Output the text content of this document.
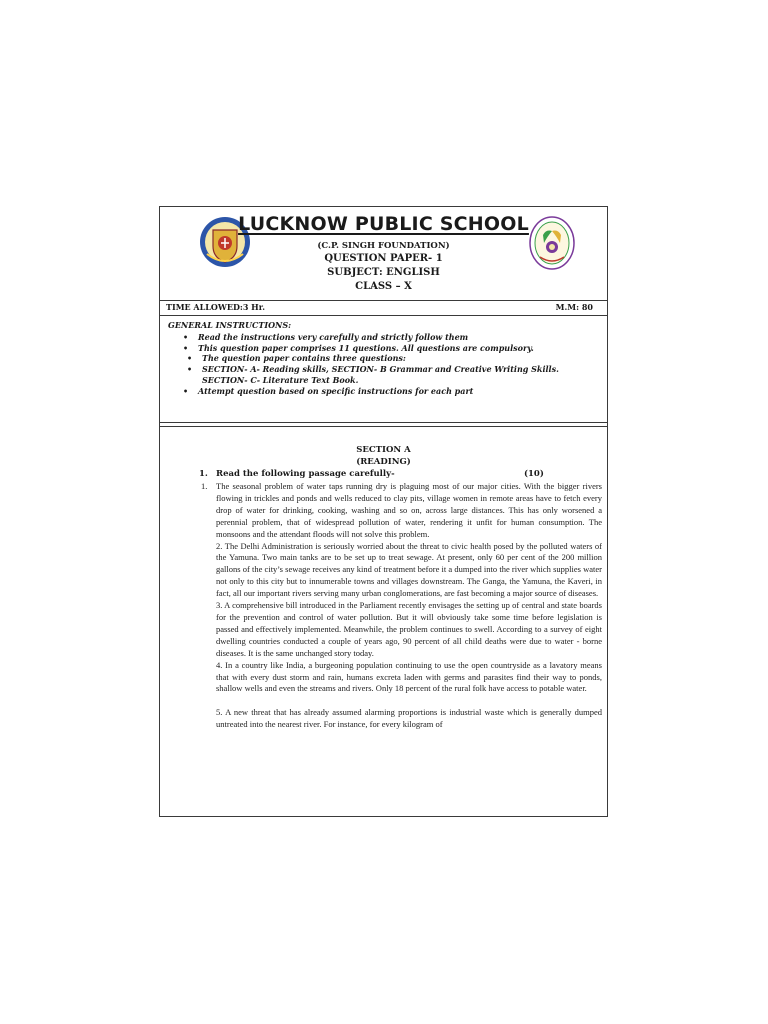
LUCKNOW PUBLIC SCHOOL
(C.P. SINGH FOUNDATION)
QUESTION PAPER- 1
SUBJECT: ENGLISH
CLASS – X
TIME ALLOWED:3 Hr.	M.M: 80
GENERAL INSTRUCTIONS:
• Read the instructions very carefully and strictly follow them
• This question paper comprises 11 questions. All questions are compulsory.
• The question paper contains three questions:
• SECTION- A- Reading skills, SECTION- B Grammar and Creative Writing Skills.
SECTION- C- Literature Text Book.
• Attempt question based on specific instructions for each part
SECTION A
(READING)
1. Read the following passage carefully-	(10)
1. The seasonal problem of water taps running dry is plaguing most of our major cities. With the bigger rivers flowing in trickles and ponds and wells reduced to clay pits, village women in remote areas have to fetch every drop of water for drinking, cooking, washing and so on, across large distances. This has only worsened a perennial problem, that of widespread pollution of water, rendering it unfit for human consumption. The monsoons and the attendant floods will not solve this problem.

2. The Delhi Administration is seriously worried about the threat to civic health posed by the polluted waters of the Yamuna. Two main tanks are to be set up to treat sewage. At present, only 60 per cent of the 200 million gallons of the city’s sewage receives any kind of treatment before it a dumped into the river which supplies water not only to this city but to innumerable towns and villages downstream. The Ganga, the Yamuna, the Kaveri, in fact, all our important rivers serving many urban conglomerations, are fast becoming a major source of diseases.

3. A comprehensive bill introduced in the Parliament recently envisages the setting up of central and state boards for the prevention and control of water pollution. But it will obviously take some time before legislation is passed and effectively implemented. Meanwhile, the problem continues to swell. According to a survey of eight dwelling countries conducted a couple of years ago, 90 percent of all child deaths were due to water - borne diseases. It is the same unchanged story today.

4. In a country like India, a burgeoning population continuing to use the open countryside as a lavatory means that with every dust storm and rain, humans excreta laden with germs and parasites find their way to ponds, shallow wells and even the streams and rivers. Only 18 percent of the rural folk have access to potable water.

5. A new threat that has already assumed alarming proportions is industrial waste which is generally dumped untreated into the nearest river. For instance, for every kilogram of
